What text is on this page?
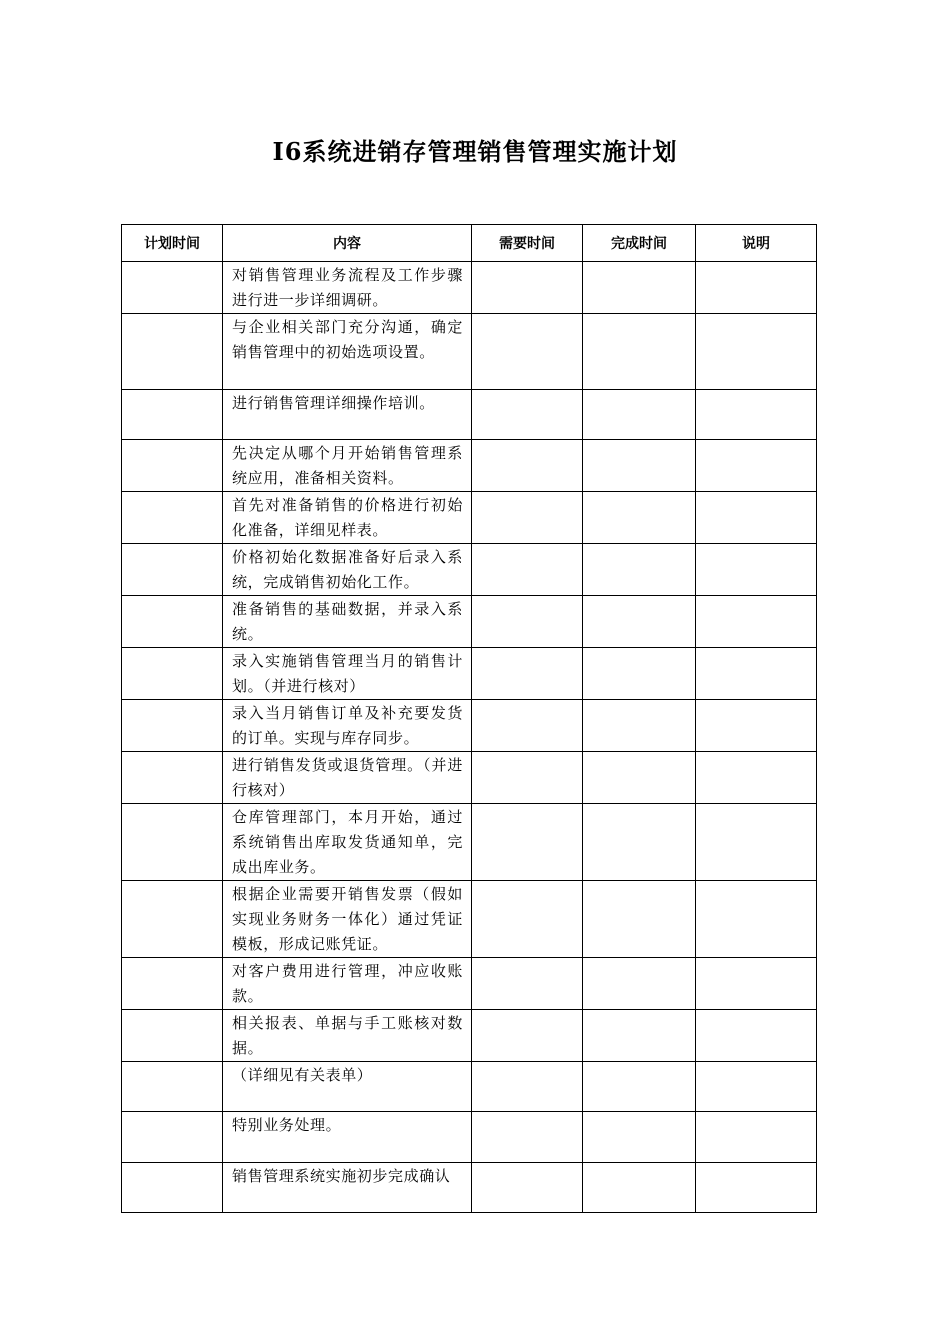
I6系统进销存管理销售管理实施计划
计划时间	内容	需要时间	完成时间	说明
	对销售管理业务流程及工作步骤进行进一步详细调研。			
	与企业相关部门充分沟通，确定销售管理中的初始选项设置。			
	进行销售管理详细操作培训。			
	先决定从哪个月开始销售管理系统应用，准备相关资料。			
	首先对准备销售的价格进行初始化准备，详细见样表。			
	价格初始化数据准备好后录入系统，完成销售初始化工作。			
	准备销售的基础数据，并录入系统。			
	录入实施销售管理当月的销售计划。（并进行核对）			
	录入当月销售订单及补充要发货的订单。实现与库存同步。			
	进行销售发货或退货管理。（并进行核对）			
	仓库管理部门，本月开始，通过系统销售出库取发货通知单，完成出库业务。			
	根据企业需要开销售发票（假如实现业务财务一体化）通过凭证模板，形成记账凭证。			
	对客户费用进行管理，冲应收账款。			
	相关报表、单据与手工账核对数据。			
	（详细见有关表单）			
	特别业务处理。			
	销售管理系统实施初步完成确认			
